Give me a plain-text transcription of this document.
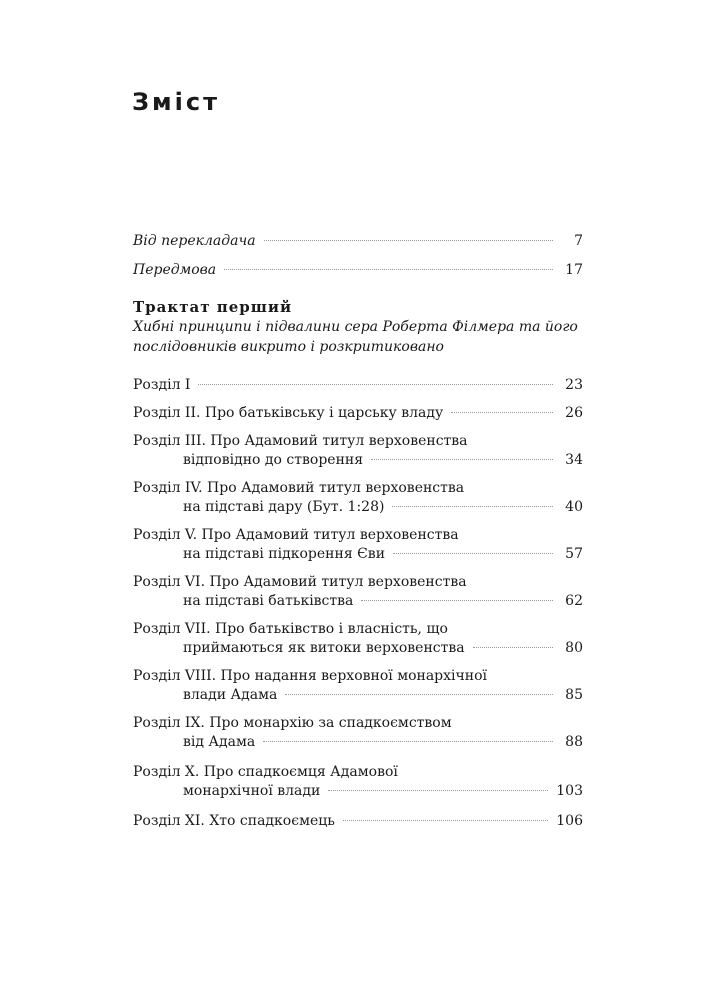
Зміст
Від перекладача	7
Передмова	17

Трактат перший

Хибні принципи і підвалини сера Роберта Філмера та його

послідовників викрито і розкритиковано

Розділ I	23
Розділ II. Про батьківську і царську владу	26
Розділ III. Про Адамовий титул верховенства
відповідно до створення	34
Розділ IV. Про Адамовий титул верховенства
на підставі дару (Бут. 1:28)	40
Розділ V. Про Адамовий титул верховенства
на підставі підкорення Єви	57
Розділ VI. Про Адамовий титул верховенства
на підставі батьківства	62
Розділ VII. Про батьківство і власність, що
приймаються як витоки верховенства	80
Розділ VIII. Про надання верховної монархічної
влади Адама	85
Розділ IX. Про монархію за спадкоємством
від Адама	88
Розділ X. Про спадкоємця Адамової
монархічної влади	103
Розділ XI. Хто спадкоємець	106
